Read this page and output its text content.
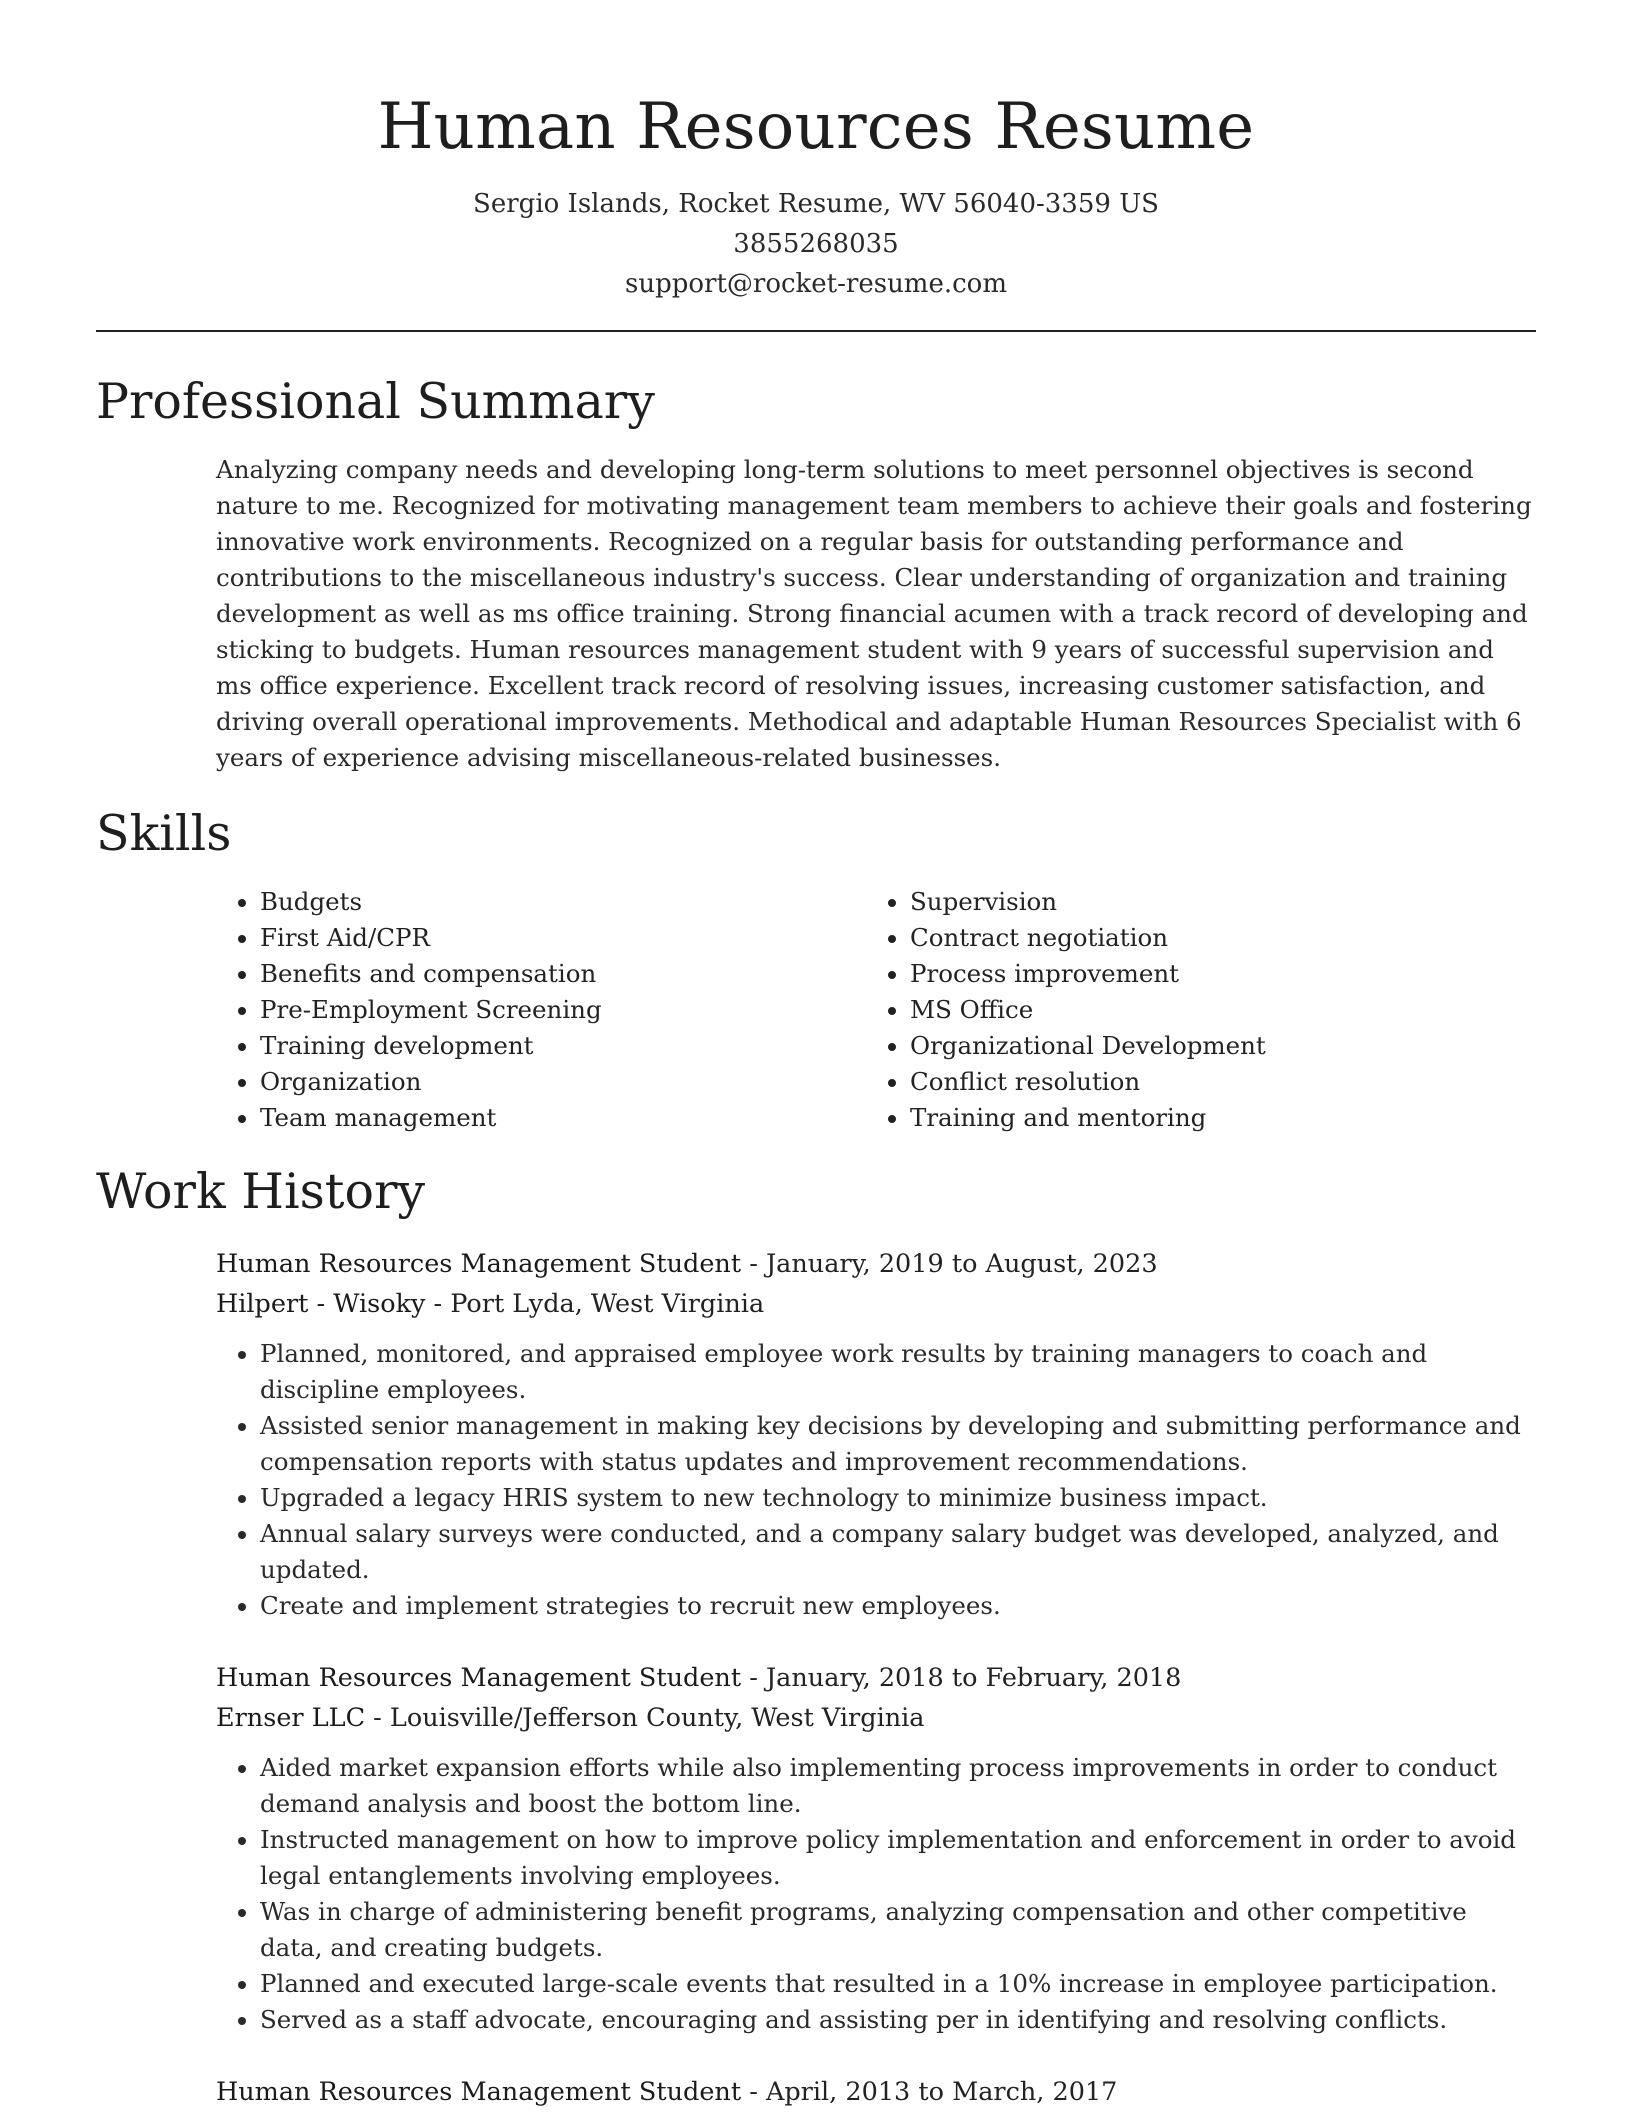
Human Resources Resume
Sergio Islands, Rocket Resume, WV 56040-3359 US
3855268035
support@rocket-resume.com
Professional Summary

Analyzing company needs and developing long-term solutions to meet personnel objectives is second nature to me. Recognized for motivating management team members to achieve their goals and fostering innovative work environments. Recognized on a regular basis for outstanding performance and contributions to the miscellaneous industry's success. Clear understanding of organization and training development as well as ms office training. Strong financial acumen with a track record of developing and sticking to budgets. Human resources management student with 9 years of successful supervision and ms office experience. Excellent track record of resolving issues, increasing customer satisfaction, and driving overall operational improvements. Methodical and adaptable Human Resources Specialist with 6 years of experience advising miscellaneous-related businesses.

Skills
• Budgets
• First Aid/CPR
• Benefits and compensation
• Pre-Employment Screening
• Training development
• Organization
• Team management
• Supervision
• Contract negotiation
• Process improvement
• MS Office
• Organizational Development
• Conflict resolution
• Training and mentoring
Work History
Human Resources Management Student - January, 2019 to August, 2023
Hilpert - Wisoky - Port Lyda, West Virginia
• Planned, monitored, and appraised employee work results by training managers to coach and discipline employees.
• Assisted senior management in making key decisions by developing and submitting performance and compensation reports with status updates and improvement recommendations.
• Upgraded a legacy HRIS system to new technology to minimize business impact.
• Annual salary surveys were conducted, and a company salary budget was developed, analyzed, and updated.
• Create and implement strategies to recruit new employees.
Human Resources Management Student - January, 2018 to February, 2018
Ernser LLC - Louisville/Jefferson County, West Virginia
• Aided market expansion efforts while also implementing process improvements in order to conduct demand analysis and boost the bottom line.
• Instructed management on how to improve policy implementation and enforcement in order to avoid legal entanglements involving employees.
• Was in charge of administering benefit programs, analyzing compensation and other competitive data, and creating budgets.
• Planned and executed large-scale events that resulted in a 10% increase in employee participation.
• Served as a staff advocate, encouraging and assisting per in identifying and resolving conflicts.
Human Resources Management Student - April, 2013 to March, 2017
